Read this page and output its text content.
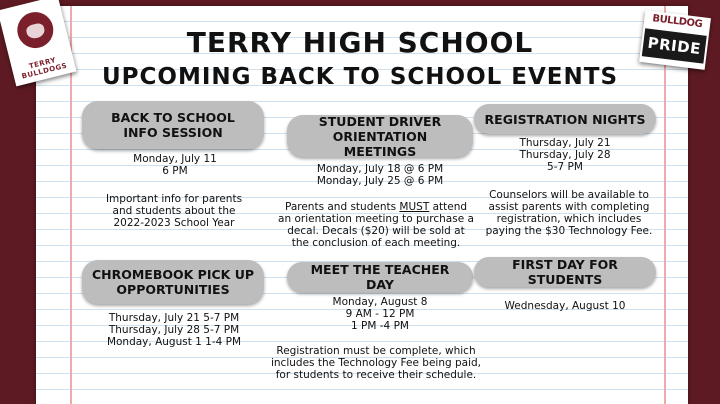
TERRY BULLDOGS
BULLDOG
PRIDE
TERRY HIGH SCHOOL
UPCOMING BACK TO SCHOOL EVENTS
BACK TO SCHOOL
INFO SESSION
Monday, July 11
6 PM
Important info for parents
and students about the
2022-2023 School Year
STUDENT DRIVER
ORIENTATION MEETINGS
Monday, July 18 @ 6 PM
Monday, July 25 @ 6 PM
Parents and students MUST attend
an orientation meeting to purchase a
decal. Decals ($20) will be sold at
the conclusion of each meeting.
REGISTRATION NIGHTS
Thursday, July 21
Thursday, July 28
5-7 PM
Counselors will be available to
assist parents with completing
registration, which includes
paying the $30 Technology Fee.
CHROMEBOOK PICK UP
OPPORTUNITIES
Thursday, July 21 5-7 PM
Thursday, July 28 5-7 PM
Monday, August 1 1-4 PM
MEET THE TEACHER DAY
Monday, August 8
9 AM - 12 PM
1 PM -4 PM
Registration must be complete, which
includes the Technology Fee being paid,
for students to receive their schedule.
FIRST DAY FOR STUDENTS
Wednesday, August 10
